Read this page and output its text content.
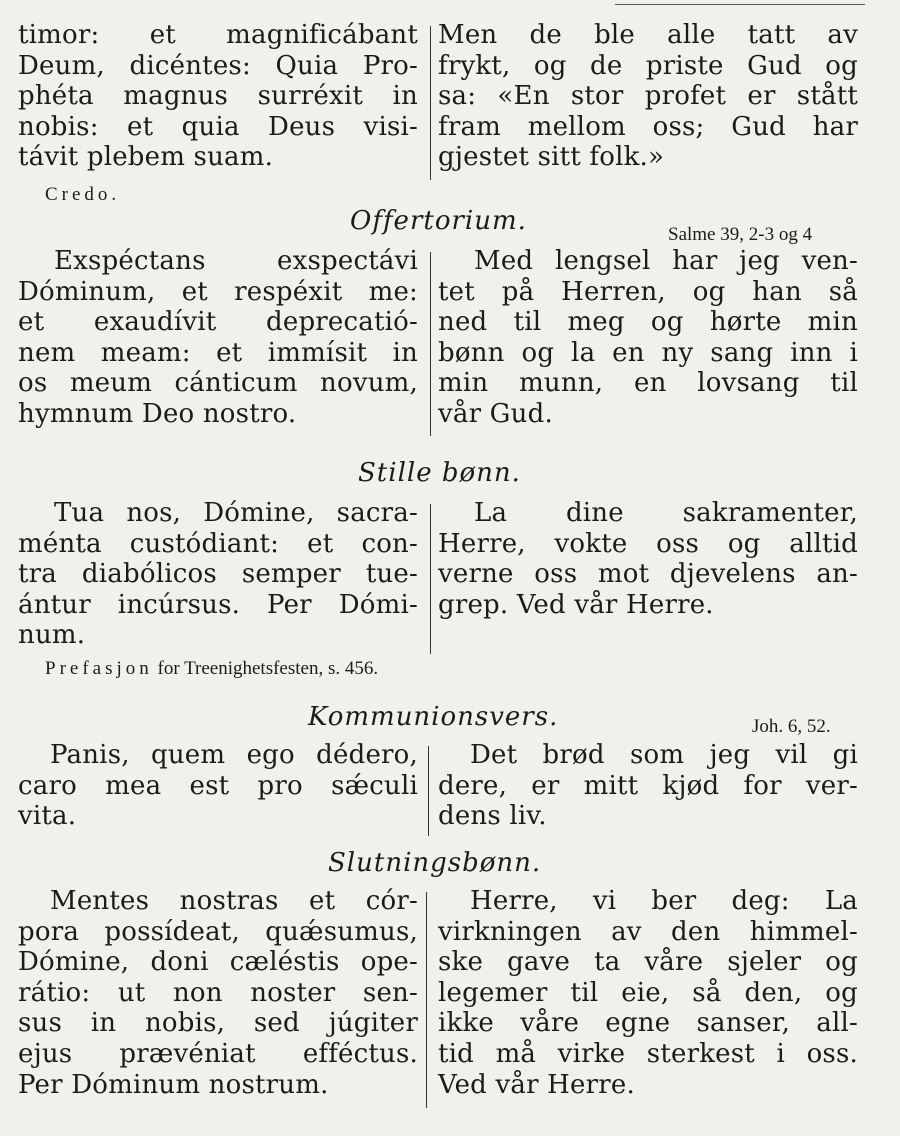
timor: et magnificábant
Deum, dicéntes: Quia Pro-
phéta magnus surréxit in
nobis: et quia Deus visi-
távit plebem suam.
Men de ble alle tatt av
frykt, og de priste Gud og
sa: «En stor profet er stått
fram mellom oss; Gud har
gjestet sitt folk.»
Credo.
Offertorium.	Salme 39, 2-3 og 4
Exspéctans exspectávi
Dóminum, et respéxit me:
et exaudívit deprecatió-
nem meam: et immísit in
os meum cánticum novum,
hymnum Deo nostro.
Med lengsel har jeg ven-
tet på Herren, og han så
ned til meg og hørte min
bønn og la en ny sang inn i
min munn, en lovsang til
vår Gud.
Stille bønn.
Tua nos, Dómine, sacra-
ménta custódiant: et con-
tra diabólicos semper tue-
ántur incúrsus. Per Dómi-
num.
La dine sakramenter,
Herre, vokte oss og alltid
verne oss mot djevelens an-
grep. Ved vår Herre.
Prefasjon for Treenighetsfesten, s. 456.
Kommunionsvers.	Joh. 6, 52.
Panis, quem ego dédero,
caro mea est pro sǽculi
vita.
Det brød som jeg vil gi
dere, er mitt kjød for ver-
dens liv.
Slutningsbønn.
Mentes nostras et cór-
pora possídeat, quǽsumus,
Dómine, doni cæléstis ope-
rátio: ut non noster sen-
sus in nobis, sed júgiter
ejus prævéniat efféctus.
Per Dóminum nostrum.
Herre, vi ber deg: La
virkningen av den himmel-
ske gave ta våre sjeler og
legemer til eie, så den, og
ikke våre egne sanser, all-
tid må virke sterkest i oss.
Ved vår Herre.
